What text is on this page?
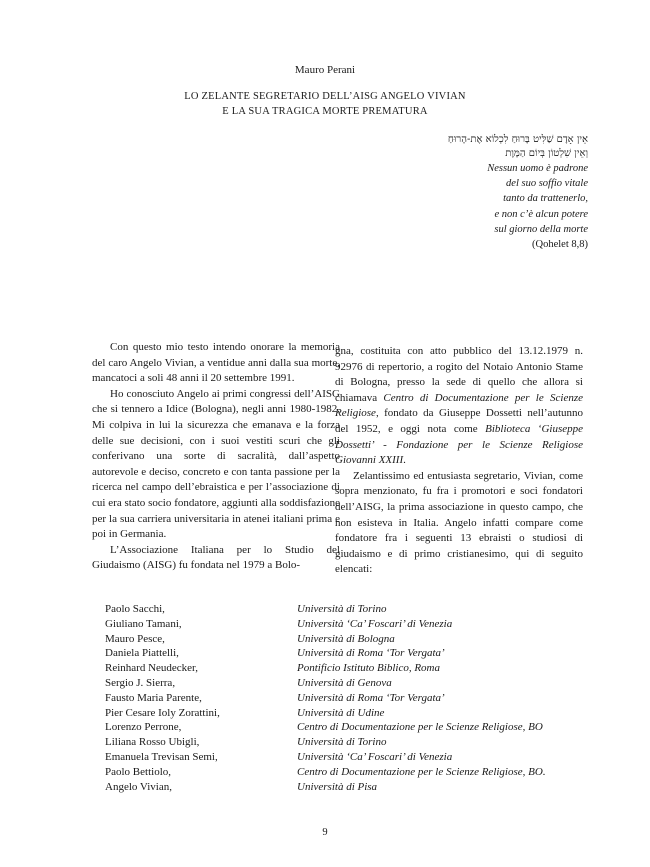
Mauro Perani
LO ZELANTE SEGRETARIO DELL’AISG ANGELO VIVIAN
E LA SUA TRAGICA MORTE PREMATURA
אֵין אָדָם שַׁלִּיט בָּרוּחַ לִכְלוֹא אֶת-הָרוּחַ
וְאֵין שִׁלְטוֹן בְּיוֹם הַמָּוֶת
Nessun uomo è padrone
del suo soffio vitale
tanto da trattenerlo,
e non c’è alcun potere
sul giorno della morte
(Qohelet 8,8)

Con questo mio testo intendo onorare la memoria del caro Angelo Vivian, a ventidue anni dalla sua morte, mancatoci a soli 48 anni il 20 settembre 1991.

Ho conosciuto Angelo ai primi congressi dell’AISG che si tennero a Idice (Bologna), negli anni 1980-1982. Mi colpiva in lui la sicurezza che emanava e la forza delle sue decisioni, con i suoi vestiti scuri che gli conferivano una sorte di sacralità, dall’aspetto autorevole e deciso, concreto e con tanta passione per la ricerca nel campo dell’ebraistica e per l’associazione di cui era stato socio fondatore, aggiunti alla soddisfazione per la sua carriera universitaria in atenei italiani prima e poi in Germania.

L’Associazione Italiana per lo Studio del Giudaismo (AISG) fu fondata nel 1979 a Bolo-

gna, costituita con atto pubblico del 13.12.1979 n. 92976 di repertorio, a rogito del Notaio Antonio Stame di Bologna, presso la sede di quello che allora si chiamava Centro di Documentazione per le Scienze Religiose, fondato da Giuseppe Dossetti nell’autunno del 1952, e oggi nota come Biblioteca ‘Giuseppe Dossetti’ - Fondazione per le Scienze Religiose Giovanni XXIII.

Zelantissimo ed entusiasta segretario, Vivian, come sopra menzionato, fu fra i promotori e soci fondatori dell’AISG, la prima associazione in questo campo, che non esisteva in Italia. Angelo infatti compare come fondatore fra i seguenti 13 ebraisti o studiosi di giudaismo e di primo cristianesimo, qui di seguito elencati:

Paolo Sacchi,	Università di Torino
Giuliano Tamani,	Università ‘Ca’ Foscari’ di Venezia
Mauro Pesce,	Università di Bologna
Daniela Piattelli,	Università di Roma ‘Tor Vergata’
Reinhard Neudecker,	Pontificio Istituto Biblico, Roma
Sergio J. Sierra,	Università di Genova
Fausto Maria Parente,	Università di Roma ‘Tor Vergata’
Pier Cesare Ioly Zorattini,	Università di Udine
Lorenzo Perrone,	Centro di Documentazione per le Scienze Religiose, BO
Liliana Rosso Ubigli,	Università di Torino
Emanuela Trevisan Semi,	Università ‘Ca’ Foscari’ di Venezia
Paolo Bettiolo,	Centro di Documentazione per le Scienze Religiose, BO.
Angelo Vivian,	Università di Pisa
9
